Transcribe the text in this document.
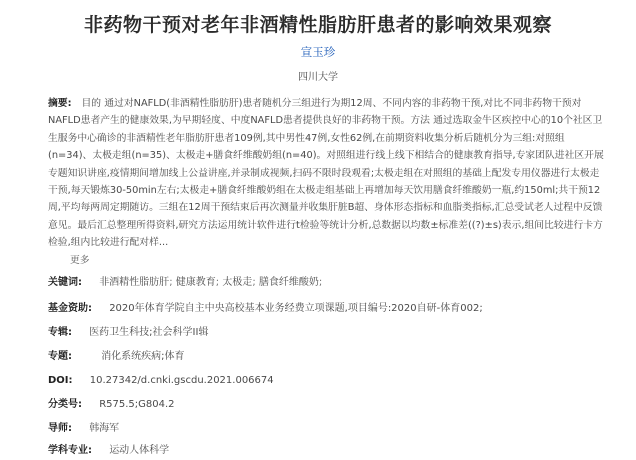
非药物干预对老年非酒精性脂肪肝患者的影响效果观察
宣玉珍
四川大学
摘要: 目的 通过对NAFLD(非酒精性脂肪肝)患者随机分三组进行为期12周、不同内容的非药物干预,对比不同非药物干预对NAFLD患者产生的健康效果,为早期轻度、中度NAFLD患者提供良好的非药物干预。方法 通过选取金牛区疾控中心的10个社区卫生服务中心确诊的非酒精性老年脂肪肝患者109例,其中男性47例,女性62例,在前期资料收集分析后随机分为三组:对照组(n=34)、太极走组(n=35)、太极走+膳食纤维酸奶组(n=40)。对照组进行线上线下相结合的健康教育指导,专家团队进社区开展专题知识讲座,疫情期间增加线上公益讲座,并录制成视频,扫码不限时段观看;太极走组在对照组的基础上配发专用仪器进行太极走干预,每天锻炼30-50min左右;太极走+膳食纤维酸奶组在太极走组基础上再增加每天饮用膳食纤维酸奶一瓶,约150ml;共干预12周,平均每两周定期随访。三组在12周干预结束后再次测量并收集肝脏B超、身体形态指标和血脂类指标,汇总受试老人过程中反馈意见。最后汇总整理所得资料,研究方法运用统计软件进行t检验等统计分析,总数据以均数±标准差((?)±s)表示,组间比较进行卡方检验,组内比较进行配对样...
更多
关键词: 非酒精性脂肪肝; 健康教育; 太极走; 膳食纤维酸奶;
基金资助: 2020年体育学院自主中央高校基本业务经费立项课题,项目编号:2020自研-体育002;
专辑: 医药卫生科技;社会科学II辑
专题:	消化系统疾病;体育
DOI: 10.27342/d.cnki.gscdu.2021.006674
分类号: R575.5;G804.2
导师: 韩海军
学科专业: 运动人体科学
